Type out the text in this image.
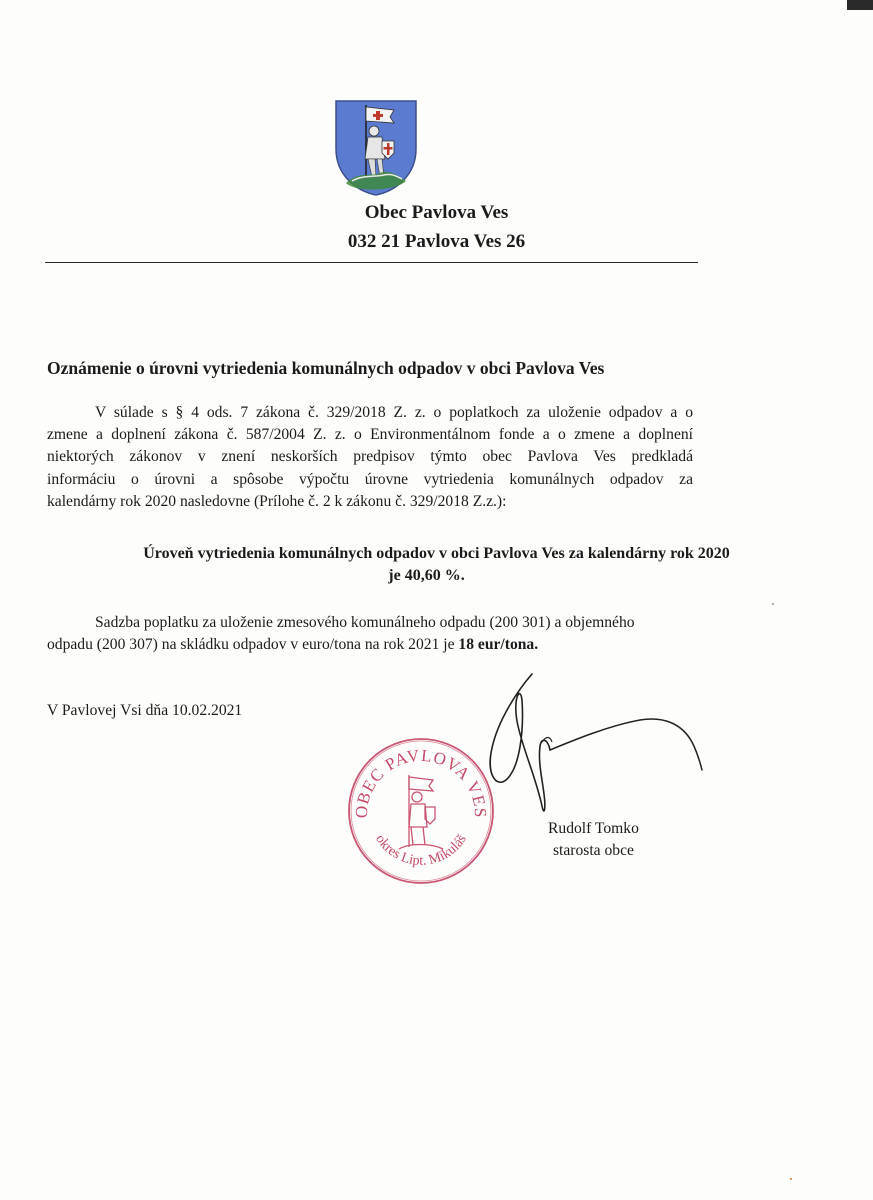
Obec Pavlova Ves
032 21 Pavlova Ves 26
Oznámenie o úrovni vytriedenia komunálnych odpadov v obci Pavlova Ves
V súlade s § 4 ods. 7 zákona č. 329/2018 Z. z. o poplatkoch za uloženie odpadov a o
zmene a doplnení zákona č. 587/2004 Z. z. o Environmentálnom fonde a o zmene a doplnení
niektorých zákonov v znení neskorších predpisov týmto obec Pavlova Ves predkladá
informáciu o úrovni a spôsobe výpočtu úrovne vytriedenia komunálnych odpadov za
kalendárny rok 2020 nasledovne (Prílohe č. 2 k zákonu č. 329/2018 Z.z.):
Úroveň vytriedenia komunálnych odpadov v obci Pavlova Ves za kalendárny rok 2020
je 40,60 %.
Sadzba poplatku za uloženie zmesového komunálneho odpadu (200 301) a objemného
odpadu (200 307) na skládku odpadov v euro/tona na rok 2021 je 18 eur/tona.
V Pavlovej Vsi dňa 10.02.2021
OBEC PAVLOVA VES
okres Lipt. Mikuláš
Rudolf Tomko
starosta obce
